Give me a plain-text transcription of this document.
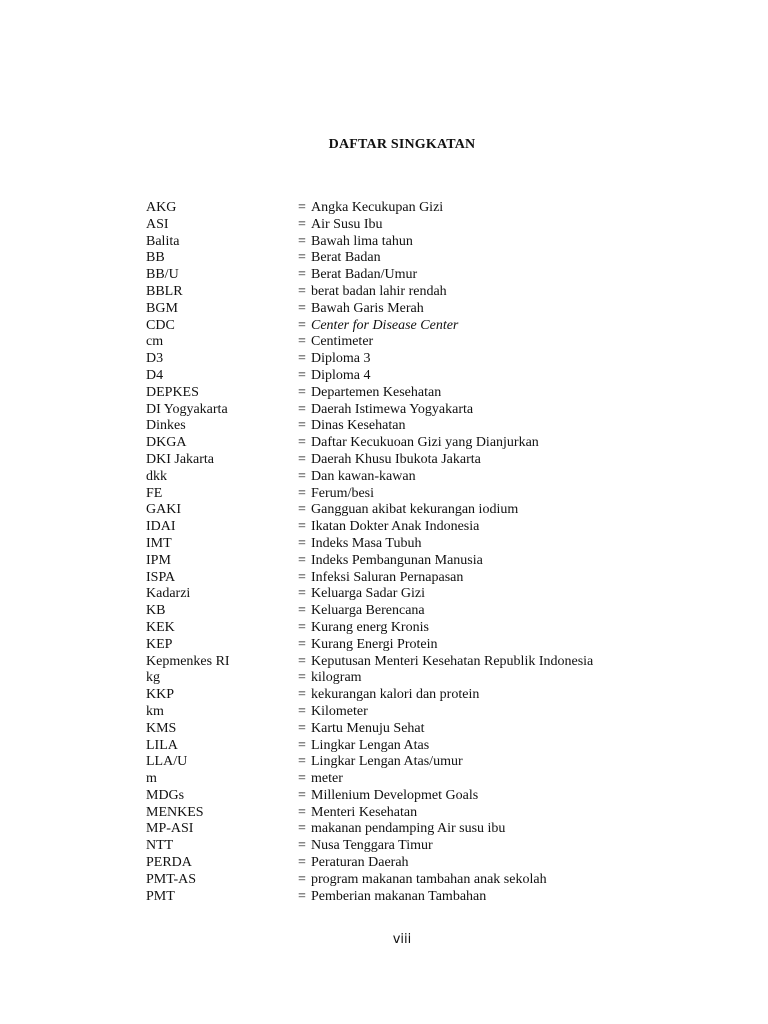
DAFTAR SINGKATAN
AKG	= Angka Kecukupan Gizi
ASI	= Air Susu Ibu
Balita	= Bawah lima tahun
BB	= Berat Badan
BB/U	= Berat Badan/Umur
BBLR	= berat badan lahir rendah
BGM	= Bawah Garis Merah
CDC	= Center for Disease Center
cm	= Centimeter
D3	= Diploma 3
D4	= Diploma 4
DEPKES	= Departemen Kesehatan
DI Yogyakarta	= Daerah Istimewa Yogyakarta
Dinkes	= Dinas Kesehatan
DKGA	= Daftar Kecukuoan Gizi yang Dianjurkan
DKI Jakarta	= Daerah Khusu Ibukota Jakarta
dkk	= Dan kawan-kawan
FE	= Ferum/besi
GAKI	= Gangguan akibat kekurangan iodium
IDAI	= Ikatan Dokter Anak Indonesia
IMT	= Indeks Masa Tubuh
IPM	= Indeks Pembangunan Manusia
ISPA	= Infeksi Saluran Pernapasan
Kadarzi	= Keluarga Sadar Gizi
KB	= Keluarga Berencana
KEK	= Kurang energ Kronis
KEP	= Kurang Energi Protein
Kepmenkes RI	= Keputusan Menteri Kesehatan Republik Indonesia
kg	= kilogram
KKP	= kekurangan kalori dan protein
km	= Kilometer
KMS	= Kartu Menuju Sehat
LILA	= Lingkar Lengan Atas
LLA/U	= Lingkar Lengan Atas/umur
m	= meter
MDGs	= Millenium Developmet Goals
MENKES	= Menteri Kesehatan
MP-ASI	= makanan pendamping Air susu ibu
NTT	= Nusa Tenggara Timur
PERDA	= Peraturan Daerah
PMT-AS	= program makanan tambahan anak sekolah
PMT	= Pemberian makanan Tambahan
viii
